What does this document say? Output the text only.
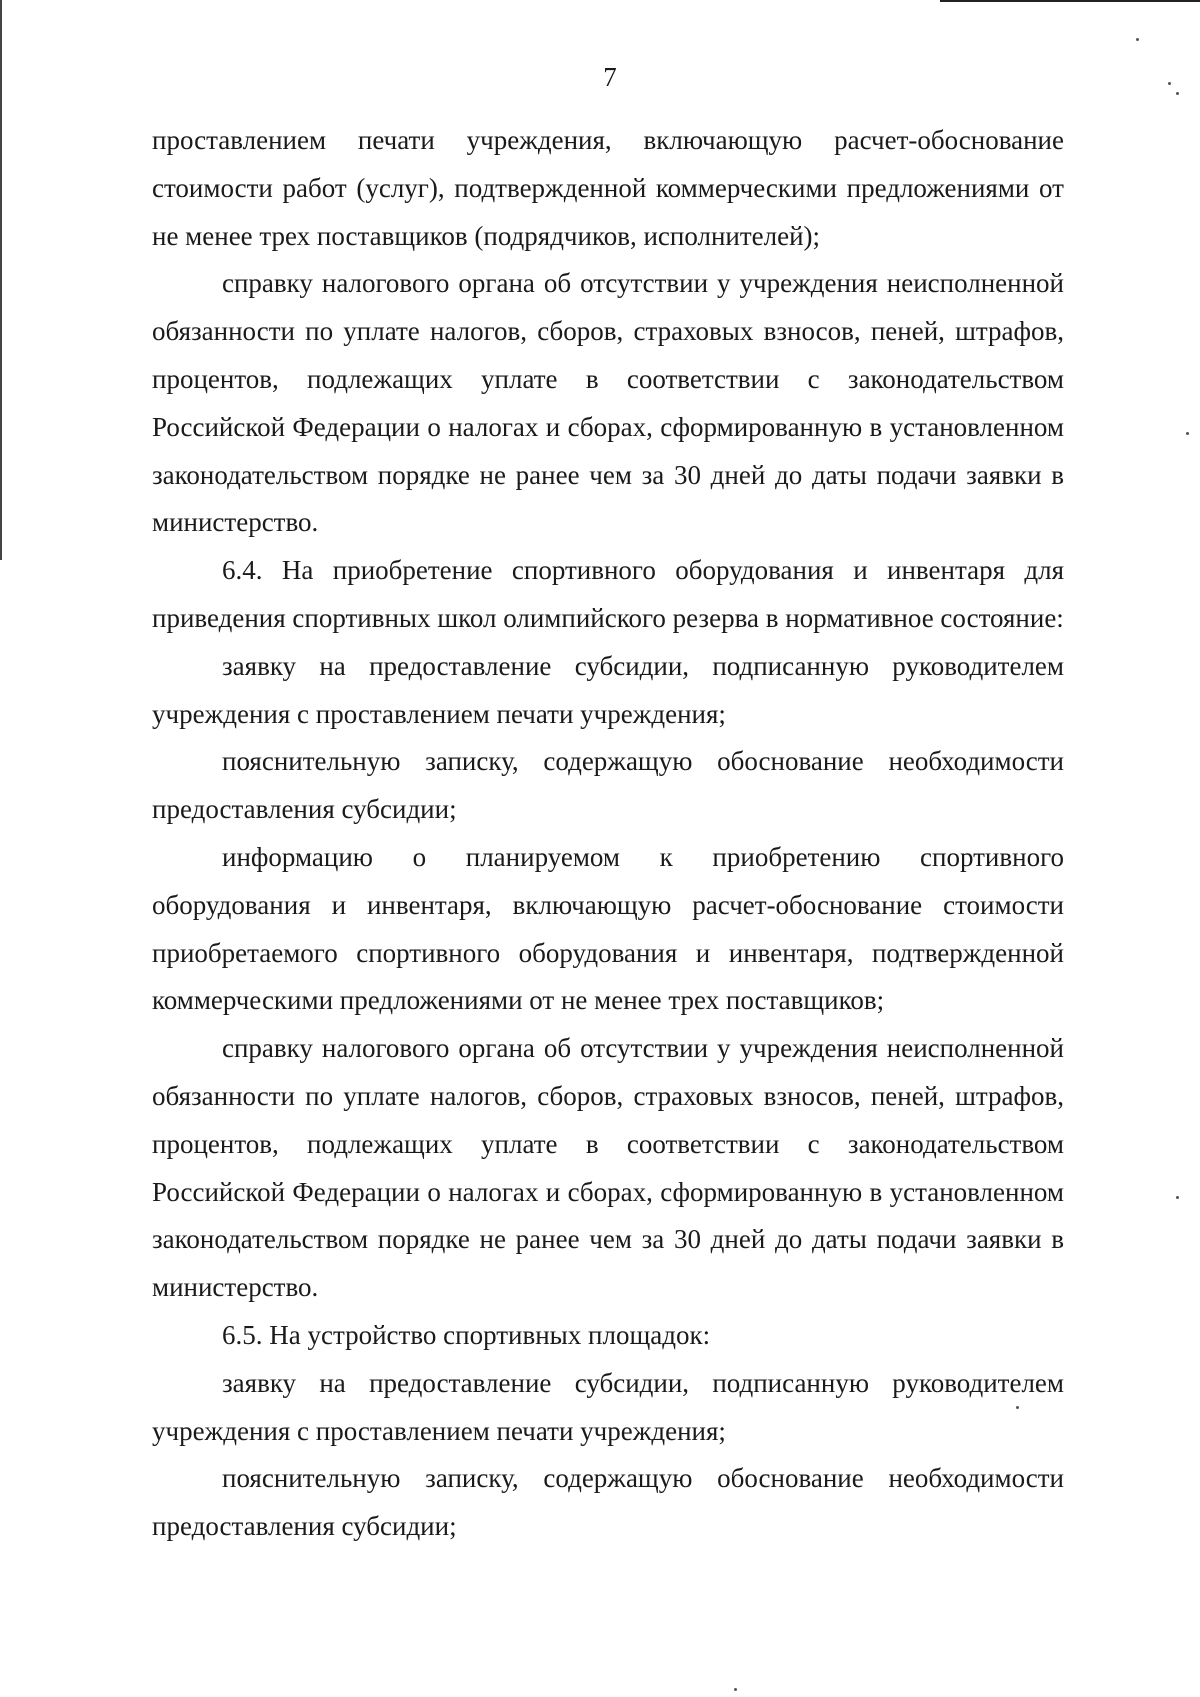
7

проставлением печати учреждения, включающую расчет-обоснование стоимости работ (услуг), подтвержденной коммерческими предложениями от не менее трех поставщиков (подрядчиков, исполнителей);

справку налогового органа об отсутствии у учреждения неисполненной обязанности по уплате налогов, сборов, страховых взносов, пеней, штрафов, процентов, подлежащих уплате в соответствии с законодательством Российской Федерации о налогах и сборах, сформированную в установленном законодательством порядке не ранее чем за 30 дней до даты подачи заявки в министерство.

6.4. На приобретение спортивного оборудования и инвентаря для приведения спортивных школ олимпийского резерва в нормативное состояние:

заявку на предоставление субсидии, подписанную руководителем учреждения с проставлением печати учреждения;

пояснительную записку, содержащую обоснование необходимости предоставления субсидии;

информацию о планируемом к приобретению спортивного оборудования и инвентаря, включающую расчет-обоснование стоимости приобретаемого спортивного оборудования и инвентаря, подтвержденной коммерческими предложениями от не менее трех поставщиков;

справку налогового органа об отсутствии у учреждения неисполненной обязанности по уплате налогов, сборов, страховых взносов, пеней, штрафов, процентов, подлежащих уплате в соответствии с законодательством Российской Федерации о налогах и сборах, сформированную в установленном законодательством порядке не ранее чем за 30 дней до даты подачи заявки в министерство.

6.5. На устройство спортивных площадок:

заявку на предоставление субсидии, подписанную руководителем учреждения с проставлением печати учреждения;

пояснительную записку, содержащую обоснование необходимости предоставления субсидии;
